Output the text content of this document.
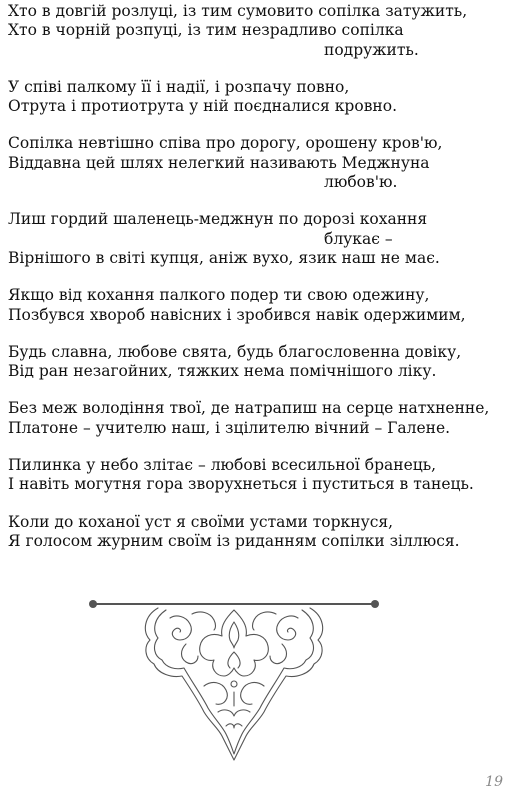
Хто в довгій розлуці, із тим сумовито сопілка затужить,
Хто в чорній розпуці, із тим незрадливо сопілка
подружить.
У співі палкому її і надії, і розпачу повно,
Отрута і протиотрута у ній поєдналися кровно.
Сопілка невтішно співа про дорогу, орошену кров'ю,
Віддавна цей шлях нелегкий називають Меджнуна
любов'ю.
Лиш гордий шаленець-меджнун по дорозі кохання
блукає –
Вірнішого в світі купця, аніж вухо, язик наш не має.
Якщо від кохання палкого подер ти свою одежину,
Позбувся хвороб навісних і зробився навік одержимим,
Будь славна, любове свята, будь благословенна довіку,
Від ран незагойних, тяжких нема помічнішого ліку.
Без меж володіння твої, де натрапиш на серце натхненне,
Платоне – учителю наш, і зцілителю вічний – Галене.
Пилинка у небо злітає – любові всесильної бранець,
І навіть могутня гора зворухнеться і пуститься в танець.
Коли до коханої уст я своїми устами торкнуся,
Я голосом журним своїм із риданням сопілки зіллюся.
19
